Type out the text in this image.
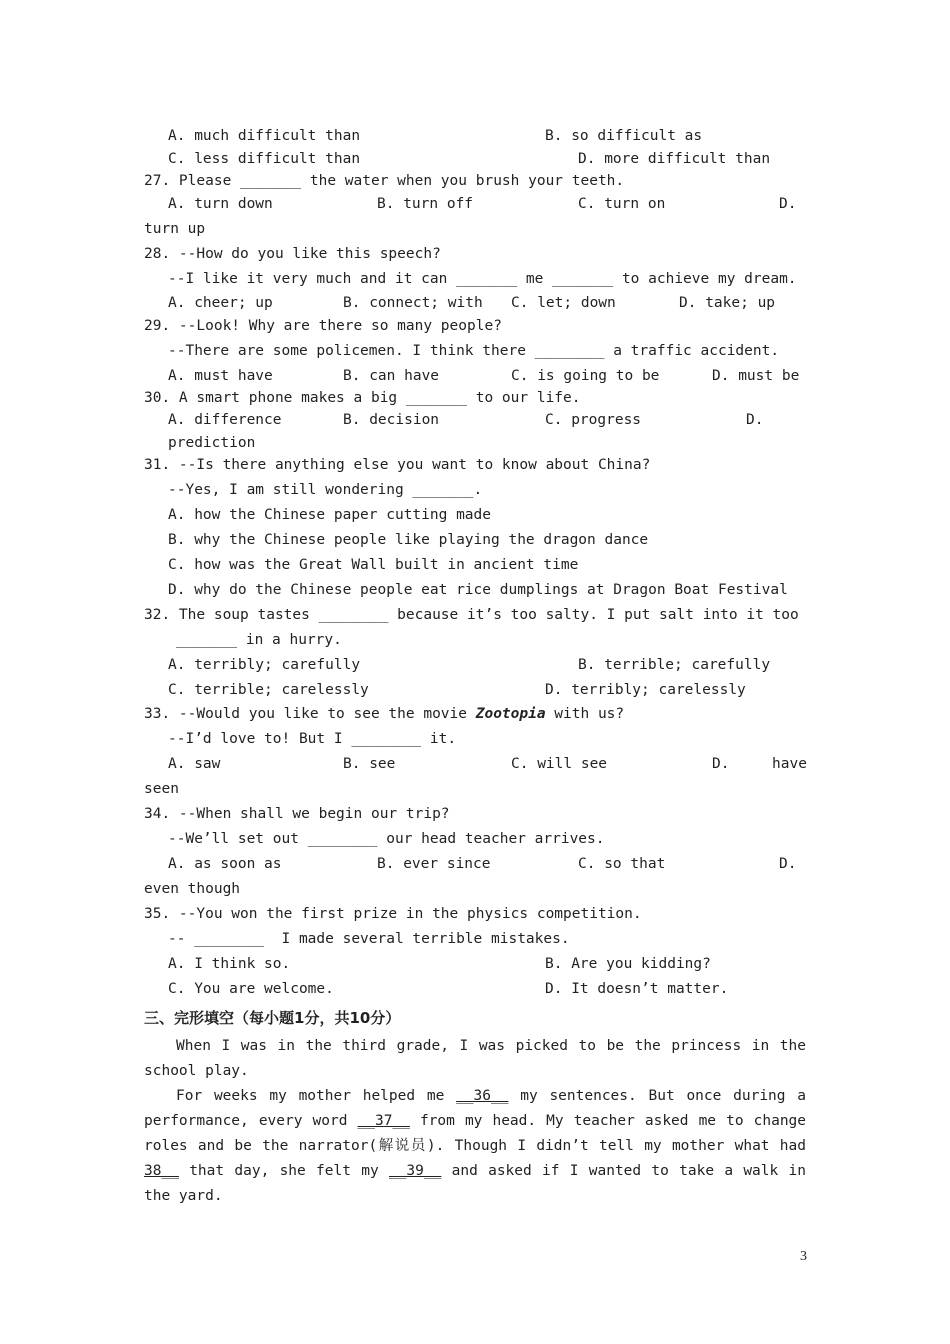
A. much difficult than	B. so difficult as
C. less difficult than	D. more difficult than
27. Please _______ the water when you brush your teeth.
A. turn down	B. turn off	C. turn on	D.
turn up
28. --How do you like this speech?
--I like it very much and it can _______ me _______ to achieve my dream.
A. cheer; up	B. connect; with C. let; down	D. take; up
29. --Look! Why are there so many people?
--There are some policemen. I think there ________ a traffic accident.
A. must have	B. can have	C. is going to be	D. must be
30. A smart phone makes a big _______ to our life.
A. difference	B. decision	C. progress	D.
prediction
31. --Is there anything else you want to know about China?
--Yes, I am still wondering _______.
A. how the Chinese paper cutting made
B. why the Chinese people like playing the dragon dance
C. how was the Great Wall built in ancient time
D. why do the Chinese people eat rice dumplings at Dragon Boat Festival
32. The soup tastes ________ because it’s too salty. I put salt into it too
_______ in a hurry.
A. terribly; carefully	B. terrible; carefully
C. terrible; carelessly	D. terribly; carelessly
33. --Would you like to see the movie Zootopia with us?
--I’d love to! But I ________ it.
A. saw	B. see	C. will see	D.	have
seen
34. --When shall we begin our trip?
--We’ll set out ________ our head teacher arrives.
A. as soon as	B. ever since	C. so that	D.
even though
35. --You won the first prize in the physics competition.
-- ________  I made several terrible mistakes.
A. I think so.	B. Are you kidding?
C. You are welcome.	D. It doesn’t matter.
三、完形填空（每小题1分，共10分）
When I was in the third grade, I was picked to be the princess in the school play.
For weeks my mother helped me __36__ my sentences. But once during a performance, every word __37__ from my head. My teacher asked me to change roles and be the narrator(解说员). Though I didn’t tell my mother what had 38__ that day, she felt my __39__ and asked if I wanted to take a walk in the yard.
3
